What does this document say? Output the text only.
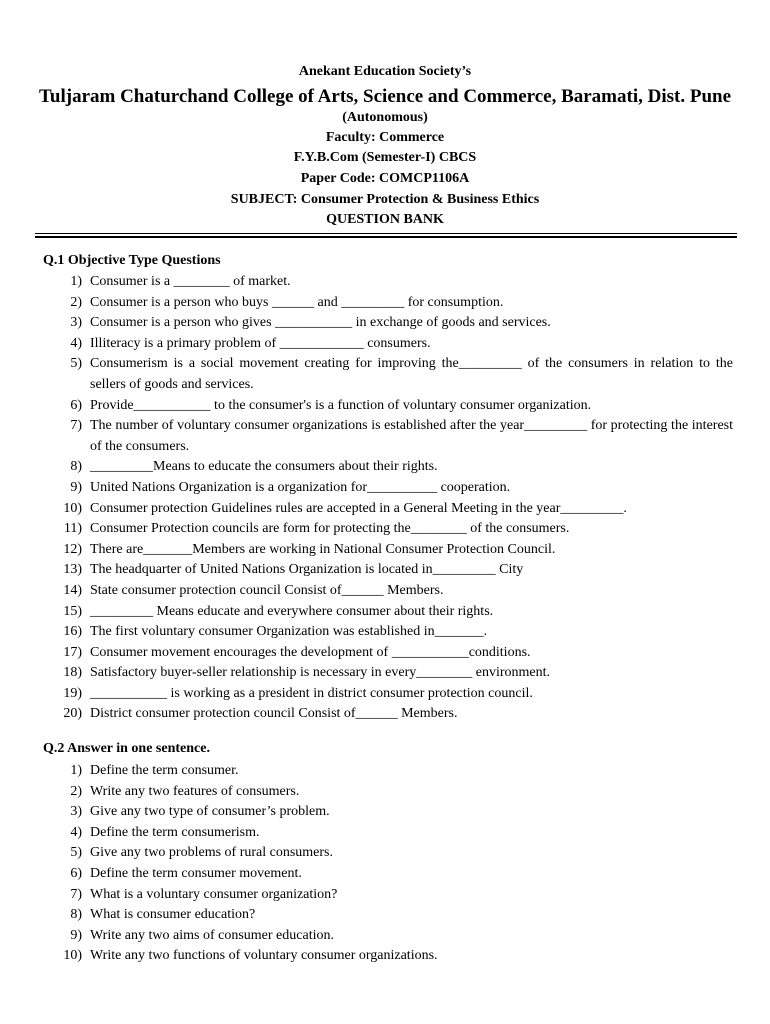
Anekant Education Society’s
Tuljaram Chaturchand College of Arts, Science and Commerce, Baramati, Dist. Pune
(Autonomous)
Faculty: Commerce
F.Y.B.Com (Semester-I) CBCS
Paper Code: COMCP1106A
SUBJECT: Consumer Protection & Business Ethics
QUESTION BANK
Q.1 Objective Type Questions
1 ) Consumer is a ________ of market.
2 ) Consumer is a person who buys ______ and _________ for consumption.
3 ) Consumer is a person who gives ___________ in exchange of goods and services.
4 ) Illiteracy is a primary problem of ____________ consumers.
5 ) Consumerism is a social movement creating for improving the_________ of the consumers in relation to the sellers of goods and services.
6 ) Provide___________ to the consumer's is a function of voluntary consumer organization.
7 ) The number of voluntary consumer organizations is established after the year_________ for protecting the interest of the consumers.
8 ) _________Means to educate the consumers about their rights.
9 ) United Nations Organization is a organization for__________ cooperation.
10 ) Consumer protection Guidelines rules are accepted in a General Meeting in the year_________.
11 ) Consumer Protection councils are form for protecting the________ of the consumers.
12 ) There are_______Members are working in National Consumer Protection Council.
13 ) The headquarter of United Nations Organization is located in_________ City
14 ) State consumer protection council Consist of______ Members.
15 ) _________ Means educate and everywhere consumer about their rights.
16 ) The first voluntary consumer Organization was established in_______.
17 ) Consumer movement encourages the development of ___________conditions.
18 ) Satisfactory buyer-seller relationship is necessary in every________ environment.
19 ) ___________ is working as a president in district consumer protection council.
20 ) District consumer protection council Consist of______ Members.
Q.2 Answer in one sentence.
1 ) Define the term consumer.
2 ) Write any two features of consumers.
3 ) Give any two type of consumer’s problem.
4 ) Define the term consumerism.
5 ) Give any two problems of rural consumers.
6 ) Define the term consumer movement.
7 ) What is a voluntary consumer organization?
8 ) What is consumer education?
9 ) Write any two aims of consumer education.
10 ) Write any two functions of voluntary consumer organizations.
